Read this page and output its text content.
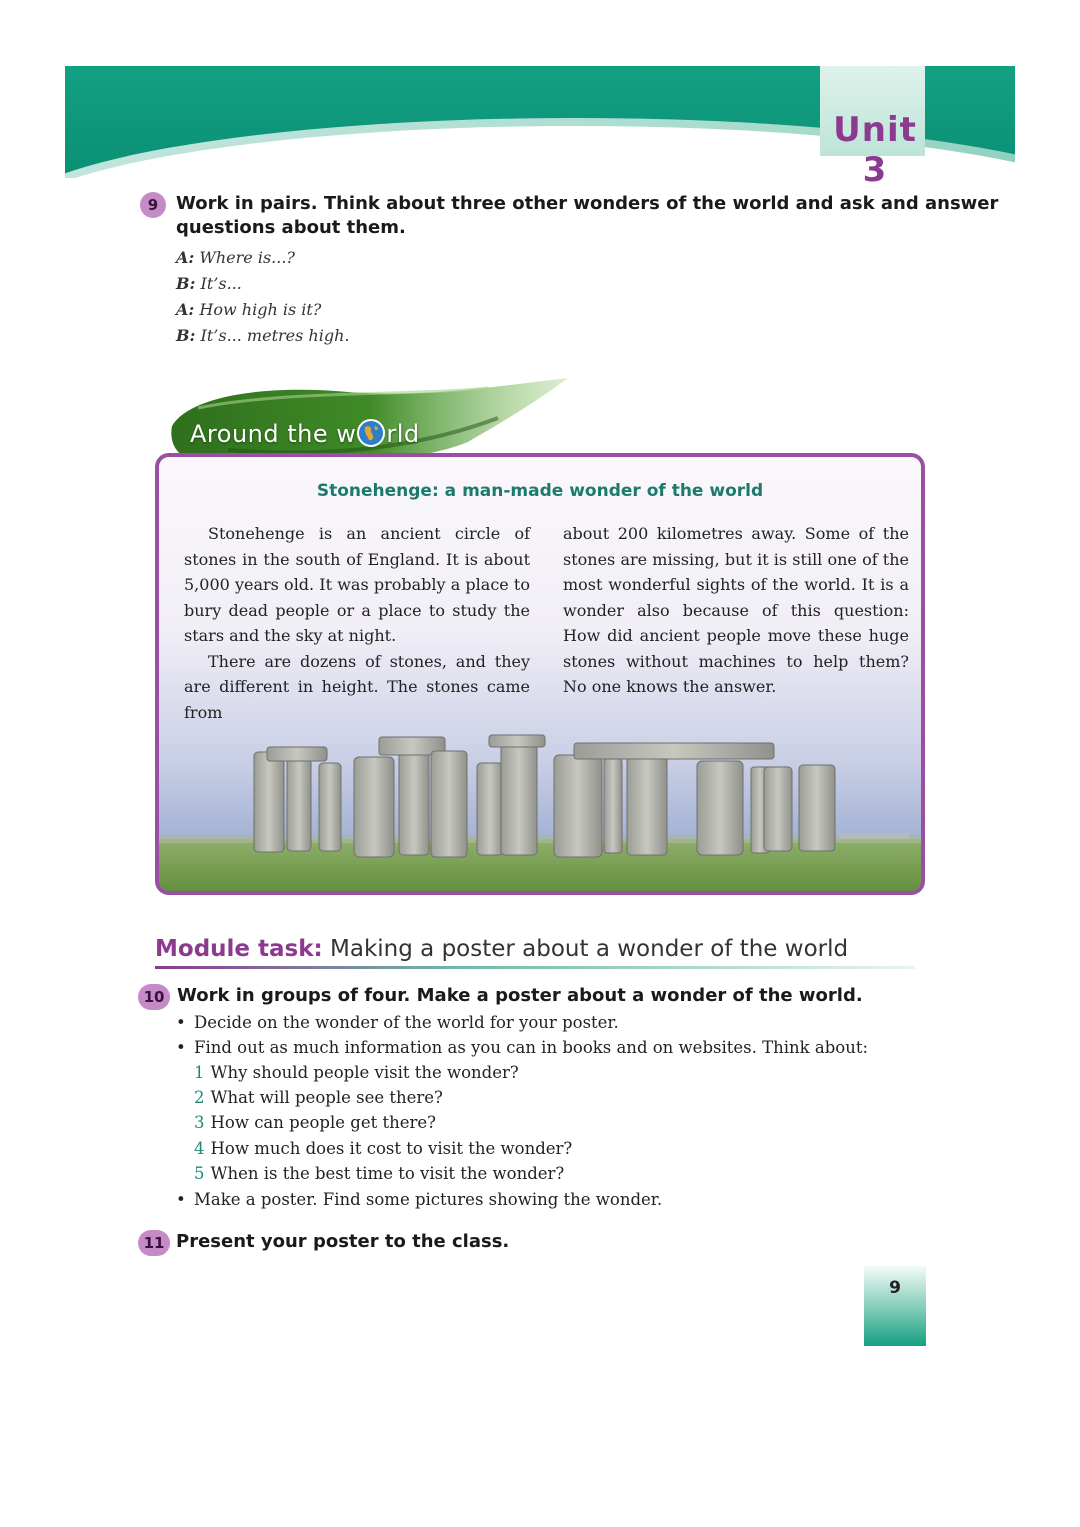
Unit 3
9 Work in pairs. Think about three other wonders of the world and ask and answer
questions about them.
A: Where is...?
B: It’s...
A: How high is it?
B: It’s... metres high.
Around the w rld
Stonehenge: a man-made wonder of the world

Stonehenge is an ancient circle of stones in the south of England. It is about 5,000 years old. It was probably a place to bury dead people or a place to study the stars and the sky at night.

There are dozens of stones, and they are different in height. The stones came from

about 200 kilometres away. Some of the stones are missing, but it is still one of the most wonderful sights of the world. It is a wonder also because of this question: How did ancient people move these huge stones without machines to help them? No one knows the answer.

Module task: Making a poster about a wonder of the world
10 Work in groups of four. Make a poster about a wonder of the world.
• Decide on the wonder of the world for your poster.
• Find out as much information as you can in books and on websites. Think about:
1 Why should people visit the wonder?
2 What will people see there?
3 How can people get there?
4 How much does it cost to visit the wonder?
5 When is the best time to visit the wonder?
• Make a poster. Find some pictures showing the wonder.
11 Present your poster to the class.
9
